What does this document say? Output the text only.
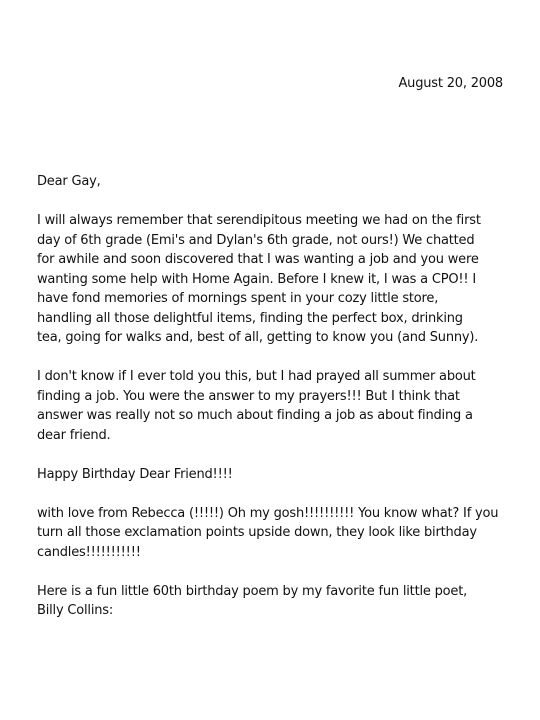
August 20, 2008

Dear Gay,

I will always remember that serendipitous meeting we had on the first
day of 6th grade (Emi's and Dylan's 6th grade, not ours!) We chatted
for awhile and soon discovered that I was wanting a job and you were
wanting some help with Home Again. Before I knew it, I was a CPO!! I
have fond memories of mornings spent in your cozy little store,
handling all those delightful items, finding the perfect box, drinking
tea, going for walks and, best of all, getting to know you (and Sunny).

I don't know if I ever told you this, but I had prayed all summer about
finding a job. You were the answer to my prayers!!! But I think that
answer was really not so much about finding a job as about finding a
dear friend.

Happy Birthday Dear Friend!!!!

with love from Rebecca (!!!!!) Oh my gosh!!!!!!!!!! You know what? If you
turn all those exclamation points upside down, they look like birthday
candles!!!!!!!!!!!

Here is a fun little 60th birthday poem by my favorite fun little poet,
Billy Collins:
